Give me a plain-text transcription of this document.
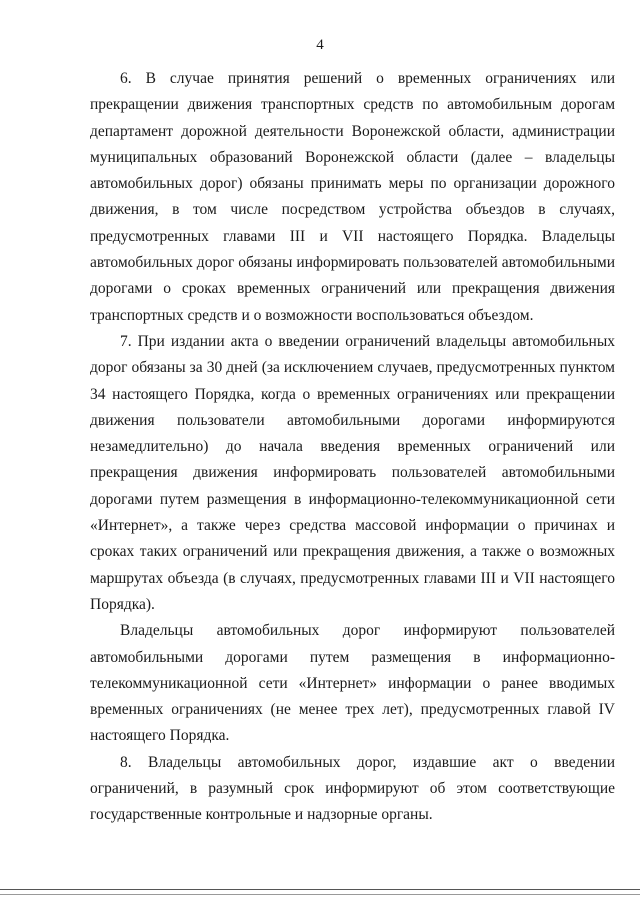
4

6. В случае принятия решений о временных ограничениях или прекращении движения транспортных средств по автомобильным дорогам департамент дорожной деятельности Воронежской области, администрации муниципальных образований Воронежской области (далее – владельцы автомобильных дорог) обязаны принимать меры по организации дорожного движения, в том числе посредством устройства объездов в случаях, предусмотренных главами III и VII настоящего Порядка. Владельцы автомобильных дорог обязаны информировать пользователей автомобильными дорогами о сроках временных ограничений или прекращения движения транспортных средств и о возможности воспользоваться объездом.

7. При издании акта о введении ограничений владельцы автомобильных дорог обязаны за 30 дней (за исключением случаев, предусмотренных пунктом 34 настоящего Порядка, когда о временных ограничениях или прекращении движения пользователи автомобильными дорогами информируются незамедлительно) до начала введения временных ограничений или прекращения движения информировать пользователей автомобильными дорогами путем размещения в информационно-телекоммуникационной сети «Интернет», а также через средства массовой информации о причинах и сроках таких ограничений или прекращения движения, а также о возможных маршрутах объезда (в случаях, предусмотренных главами III и VII настоящего Порядка).

Владельцы автомобильных дорог информируют пользователей автомобильными дорогами путем размещения в информационно-телекоммуникационной сети «Интернет» информации о ранее вводимых временных ограничениях (не менее трех лет), предусмотренных главой IV настоящего Порядка.

8. Владельцы автомобильных дорог, издавшие акт о введении ограничений, в разумный срок информируют об этом соответствующие государственные контрольные и надзорные органы.
